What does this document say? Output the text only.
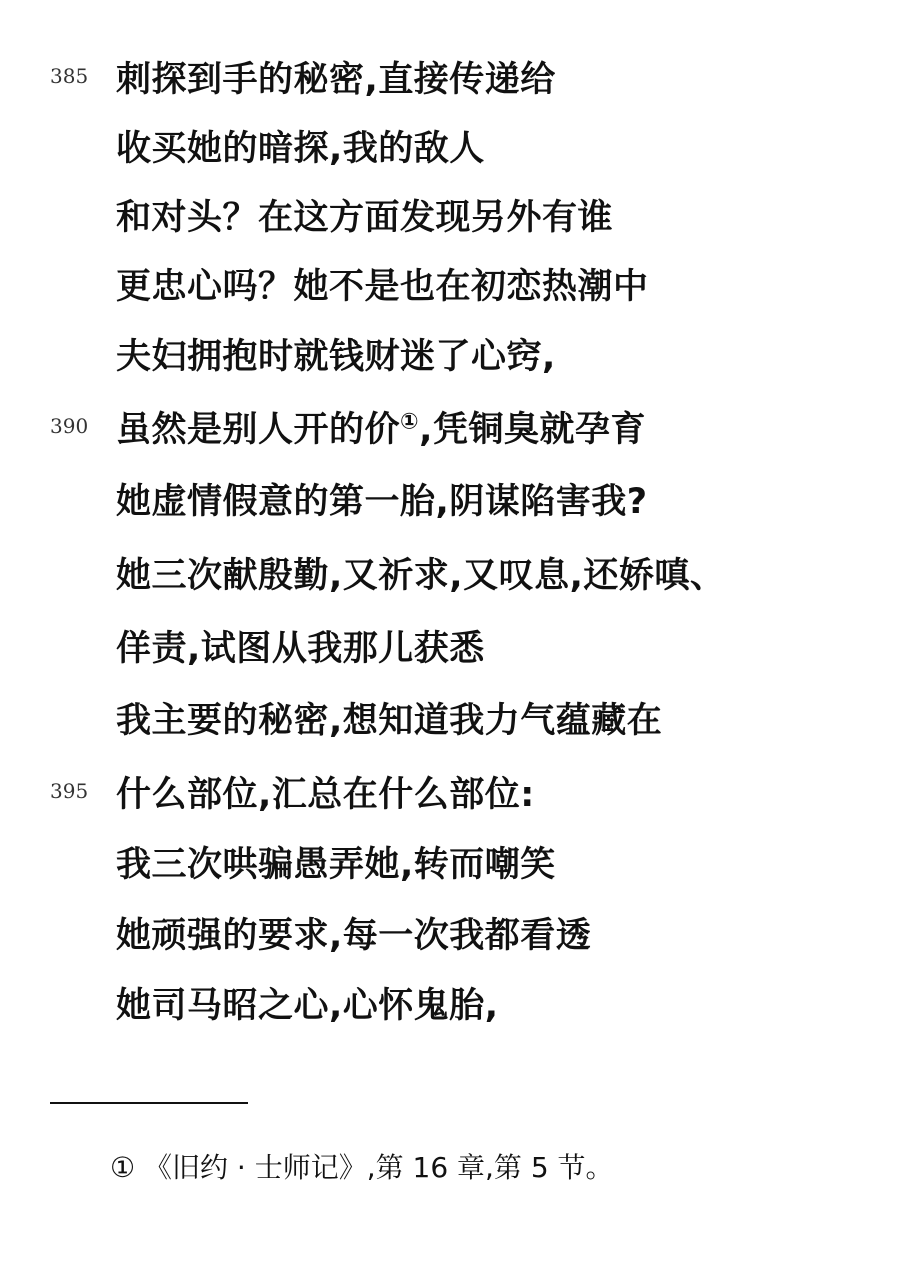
385 刺探到手的秘密,直接传递给
收买她的暗探,我的敌人
和对头？在这方面发现另外有谁
更忠心吗？她不是也在初恋热潮中
夫妇拥抱时就钱财迷了心窍,
390 虽然是别人开的价①,凭铜臭就孕育
她虚情假意的第一胎,阴谋陷害我?
她三次献殷勤,又祈求,又叹息,还娇嗔、
佯责,试图从我那儿获悉
我主要的秘密,想知道我力气蕴藏在
395 什么部位,汇总在什么部位:
我三次哄骗愚弄她,转而嘲笑
她顽强的要求,每一次我都看透
她司马昭之心,心怀鬼胎,
① 《旧约 · 士师记》,第 16 章,第 5 节。
